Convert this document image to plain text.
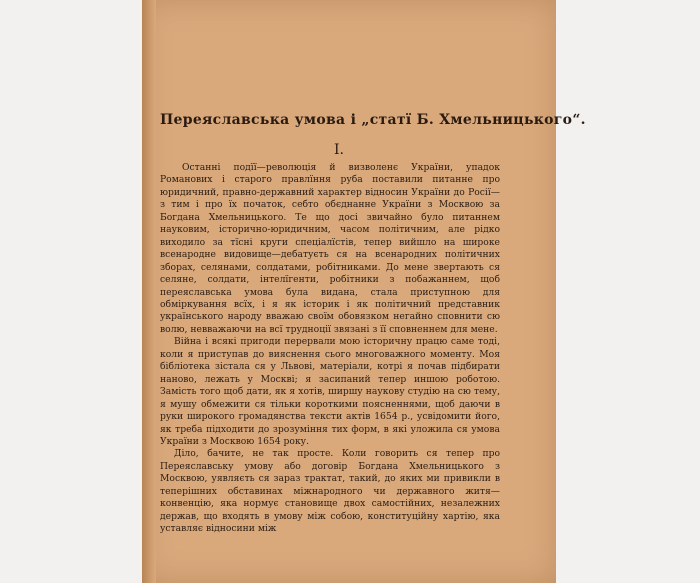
Переяславська умова і „статї Б. Хмельницького“.
I.

Останні подїї—революція й визволенє України, упадок Романових і старого правлїння руба поставили питанне про юридичний, правно-державний характер відносин України до Росії—з тим і про їх початок, себто обєднанне України з Москвою за Богдана Хмельницького. Те що досі звичайно було питаннем науковим, історично-юридичним, часом політичним, але рідко виходило за тїсні круги спеціалїстів, тепер вийшло на широке всенародне видовище—дебатуєть ся на всенародних політичних зборах, селянами, солдатами, робітниками. До мене звертають ся селяне, солдати, інтелїгенти, робітники з побажаннем, щоб переяславська умова була видана, стала приступною для обміркування всїх, і я як історик і як політичний представник українського народу вважаю своїм обовязком негайно сповнити сю волю, невважаючи на всї трудноції звязані з її сповненнем для мене.

Війна і всякі пригоди перервали мою історичну працю саме тоді, коли я приступав до вияснення сього многоважного моменту. Моя бібліотека зістала ся у Львові, матеріали, котрі я почав підбирати наново, лежать у Москві; я засипаний тепер иншою роботою. Замість того щоб дати, як я хотів, ширшу наукову студію на сю тему, я мушу обмежити ся тільки короткими поясненнями, щоб даючи в руки широкого громадянства тексти актів 1654 р., усвідомити його, як треба підходити до зрозуміння тих форм, в які уложила ся умова України з Москвою 1654 року.

Діло, бачите, не так просте. Коли говорить ся тепер про Переяславську умову або договір Богдана Хмельницького з Москвою, уявляєть ся зараз трактат, такий, до яких ми привикли в теперішних обставинах міжнародного чи державного житя—конвенцію, яка нормує становище двох самостійних, незалежних держав, що входять в умову між собою, конституційну хартію, яка уставляє відносини між
